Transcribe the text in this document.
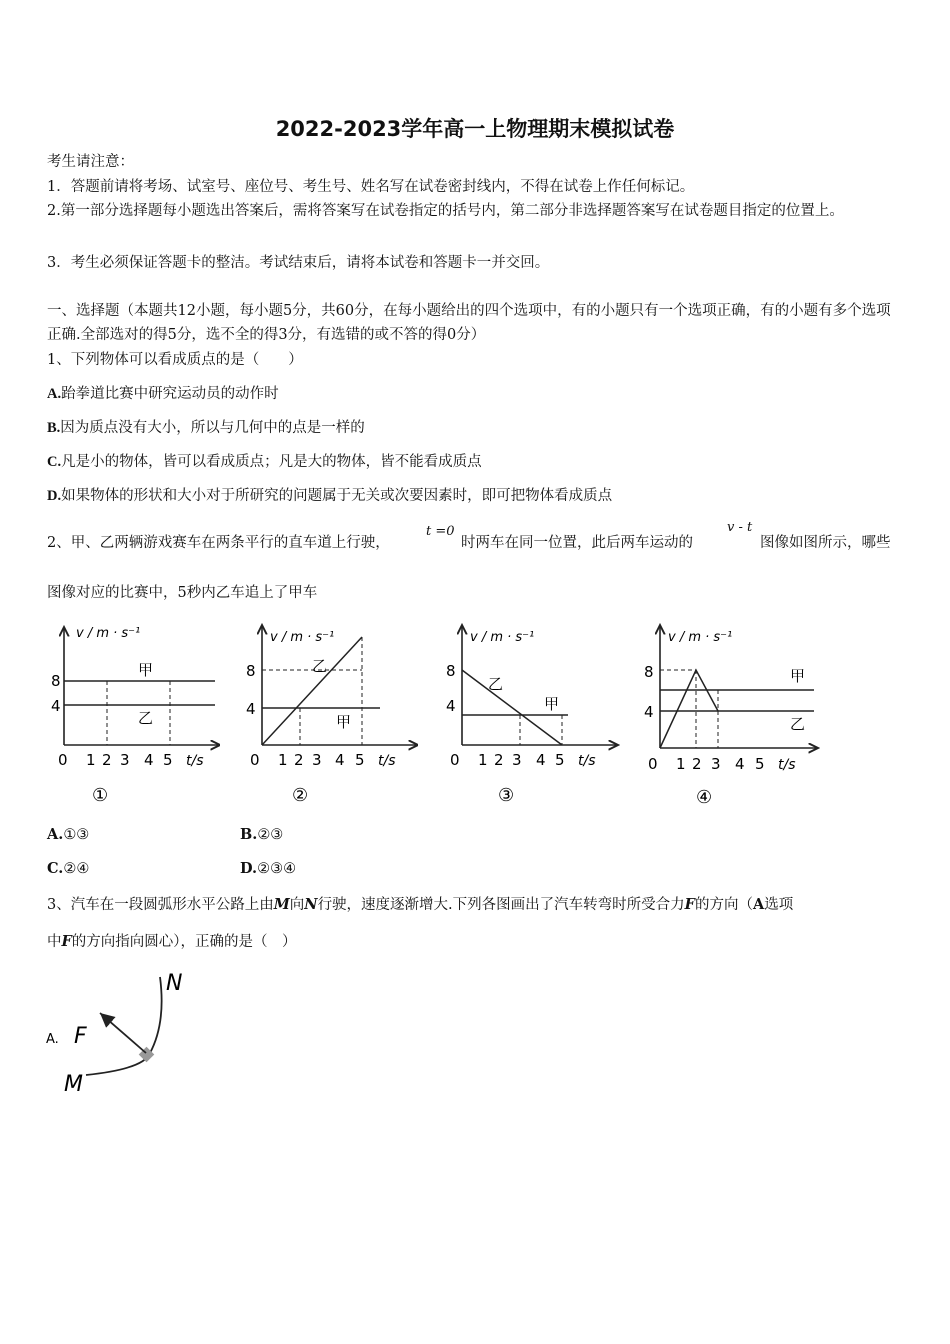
2022-2023学年高一上物理期末模拟试卷
考生请注意：
1．答题前请将考场、试室号、座位号、考生号、姓名写在试卷密封线内，不得在试卷上作任何标记。
2.第一部分选择题每小题选出答案后，需将答案写在试卷指定的括号内，第二部分非选择题答案写在试卷题目指定的位置上。
3．考生必须保证答题卡的整洁。考试结束后，请将本试卷和答题卡一并交回。
一、选择题（本题共12小题，每小题5分，共60分，在每小题给出的四个选项中，有的小题只有一个选项正确，有的小题有多个选项正确.全部选对的得5分，选不全的得3分，有选错的或不答的得0分）
1、下列物体可以看成质点的是（　　）
A.跆拳道比赛中研究运动员的动作时
B.因为质点没有大小，所以与几何中的点是一样的
C.凡是小的物体，皆可以看成质点；凡是大的物体，皆不能看成质点
D.如果物体的形状和大小对于所研究的问题属于无关或次要因素时，即可把物体看成质点
2、甲、乙两辆游戏赛车在两条平行的直车道上行驶，
t =0
时两车在同一位置，此后两车运动的
v - t
图像如图所示，哪些
图像对应的比赛中，5秒内乙车追上了甲车
v / m · s⁻¹
8
4
甲
乙
0 1 2 3 4 5 t/s
①
v / m · s⁻¹
8
4
乙
甲
0 1 2 3 4 5 t/s
②
v / m · s⁻¹
8
4
乙
甲
0 1 2 3 4 5 t/s
③
v / m · s⁻¹
8
4
甲
乙
0 1 2 3 4 5 t/s
④
A.①③	B.②③
C.②④	D.②③④
3、汽车在一段圆弧形水平公路上由M向N行驶，速度逐渐增大.下列各图画出了汽车转弯时所受合力F的方向（A选项
中F的方向指向圆心），正确的是（　）
A.
N
F
M
